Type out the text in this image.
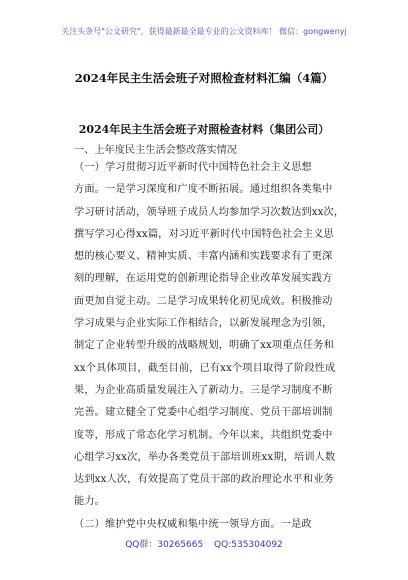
关注头条号"公文研究"，获得最新最全最专业的公文资料库！ 微信：gongwenyj
2024年民主生活会班子对照检查材料汇编（4篇）
2024年民主生活会班子对照检查材料（集团公司）
一、上年度民主生活会整改落实情况
（一）学习贯彻习近平新时代中国特色社会主义思想
方面。一是学习深度和广度不断拓展。通过组织各类集中
学习研讨活动，领导班子成员人均参加学习次数达到xx次，
撰写学习心得xx篇，对习近平新时代中国特色社会主义思
想的核心要义、精神实质、丰富内涵和实践要求有了更深
刻的理解，在运用党的创新理论指导企业改革发展实践方
面更加自觉主动。二是学习成果转化初见成效。积极推动
学习成果与企业实际工作相结合，以新发展理念为引领，
制定了企业转型升级的战略规划，明确了xx项重点任务和
xx个具体项目，截至目前，已有xx个项目取得了阶段性成
果，为企业高质量发展注入了新动力。三是学习制度不断
完善。建立健全了党委中心组学习制度、党员干部培训制
度等，形成了常态化学习机制。今年以来，共组织党委中
心组学习xx次，举办各类党员干部培训班xx期，培训人数
达到xx人次，有效提高了党员干部的政治理论水平和业务
能力。
（二）维护党中央权威和集中统一领导方面。一是政
QQ群：30265665 QQ:535304092
